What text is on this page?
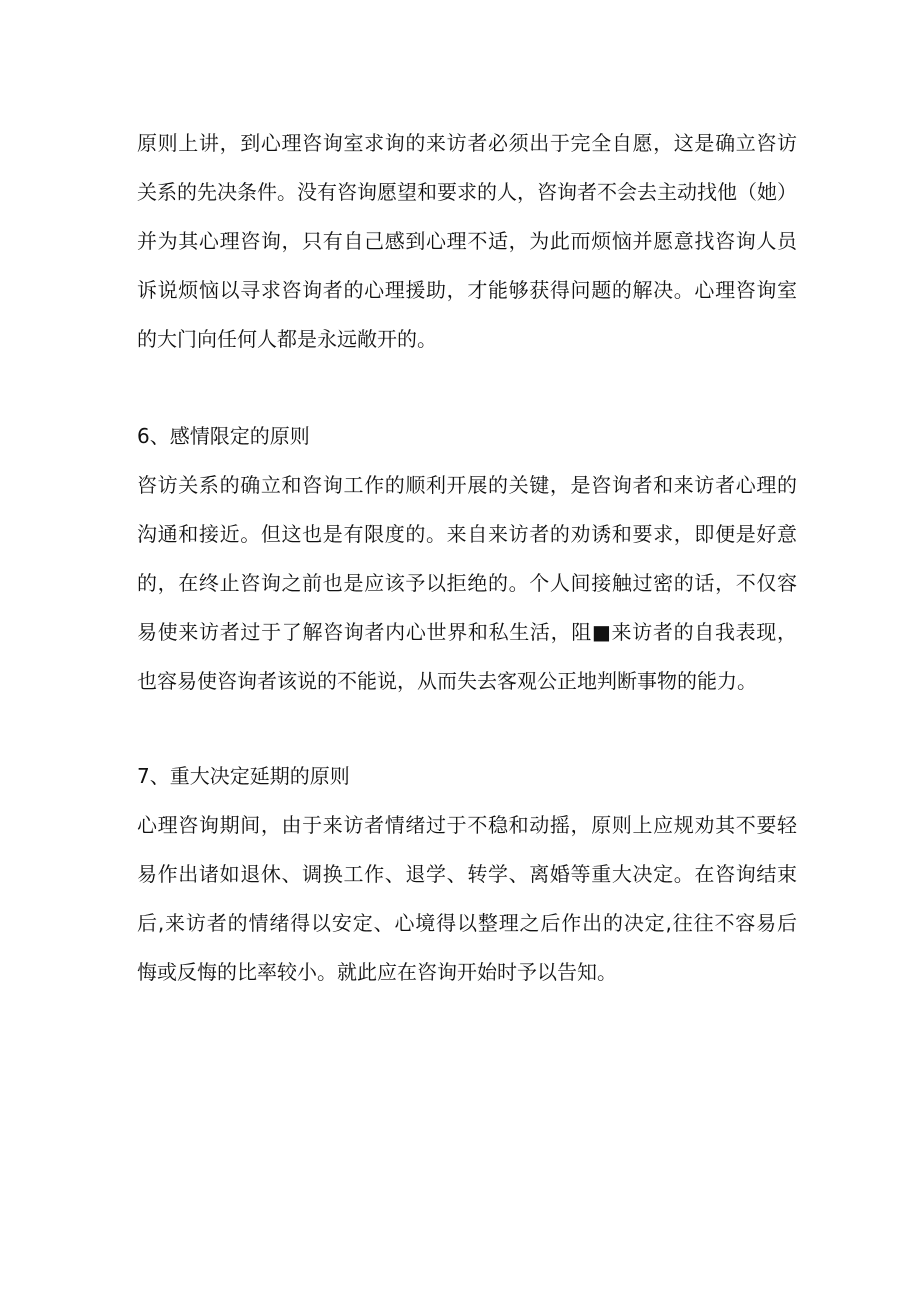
原则上讲，到心理咨询室求询的来访者必须出于完全自愿，这是确立咨访
关系的先决条件。没有咨询愿望和要求的人，咨询者不会去主动找他（她）
并为其心理咨询，只有自己感到心理不适，为此而烦恼并愿意找咨询人员
诉说烦恼以寻求咨询者的心理援助，才能够获得问题的解决。心理咨询室
的大门向任何人都是永远敞开的。
6、感情限定的原则
咨访关系的确立和咨询工作的顺利开展的关键，是咨询者和来访者心理的
沟通和接近。但这也是有限度的。来自来访者的劝诱和要求，即便是好意
的，在终止咨询之前也是应该予以拒绝的。个人间接触过密的话，不仅容
易使来访者过于了解咨询者内心世界和私生活，阻■来访者的自我表现，
也容易使咨询者该说的不能说，从而失去客观公正地判断事物的能力。
7、重大决定延期的原则
心理咨询期间，由于来访者情绪过于不稳和动摇，原则上应规劝其不要轻
易作出诸如退休、调换工作、退学、转学、离婚等重大决定。在咨询结束
后,来访者的情绪得以安定、心境得以整理之后作出的决定,往往不容易后
悔或反悔的比率较小。就此应在咨询开始时予以告知。
